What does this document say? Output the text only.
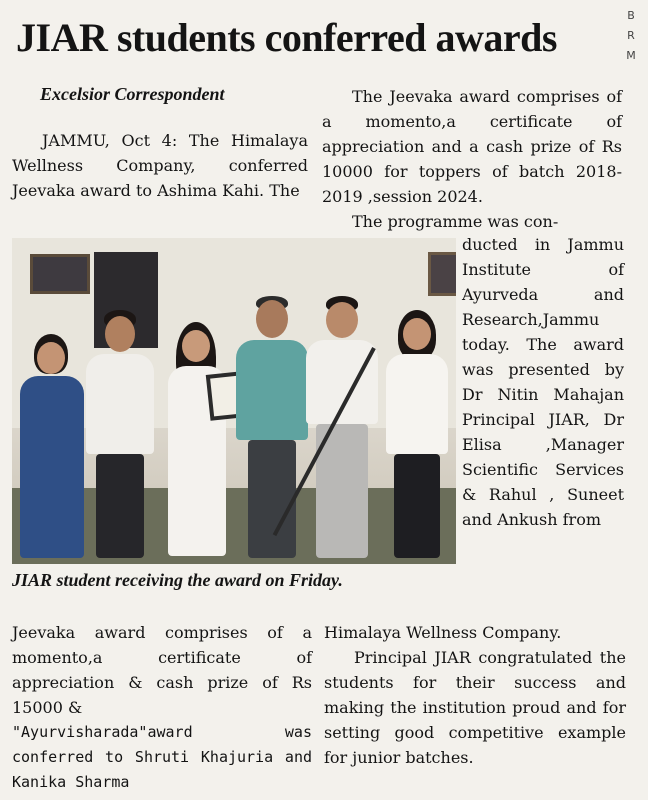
JIAR students conferred awards	B
R
M
Excelsior Correspondent

JAMMU, Oct 4: The Himalaya Wellness Company, conferred Jeevaka award to Ashima Kahi. The

The Jeevaka award comprises of a momento,a certificate of appreciation and a cash prize of Rs 10000 for toppers of batch 2018-2019 ,session 2024.

The programme was con-

JIAR student receiving the award on Friday.

ducted in Jammu Institute of Ayurveda and Research,Jammu today. The award was presented by Dr Nitin Mahajan Principal JIAR, Dr Elisa ,Manager Scientific Services & Rahul , Suneet and Ankush from

Jeevaka award comprises of a momento,a certificate of appreciation & cash prize of Rs 15000 &

"Ayurvisharada"award was conferred to Shruti Khajuria and Kanika Sharma

Himalaya Wellness Company.

Principal JIAR congratulated the students for their success and making the institution proud and for setting good competitive example for junior batches.
